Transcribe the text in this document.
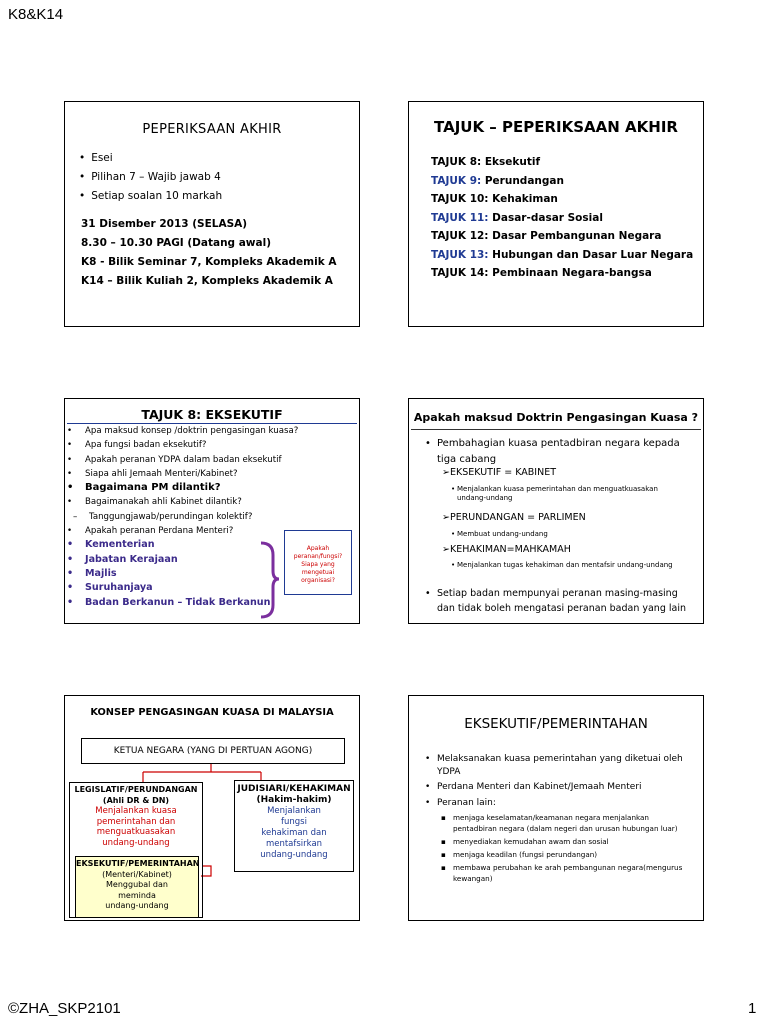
K8&K14
PEPERIKSAAN AKHIR
• Esei
• Pilihan 7 – Wajib jawab 4
• Setiap soalan 10 markah
31 Disember 2013 (SELASA)
8.30 – 10.30 PAGI (Datang awal)
K8 - Bilik Seminar 7, Kompleks Akademik A
K14 – Bilik Kuliah 2, Kompleks Akademik A
TAJUK – PEPERIKSAAN AKHIR
TAJUK 8: Eksekutif
TAJUK 9: Perundangan
TAJUK 10: Kehakiman
TAJUK 11: Dasar-dasar Sosial
TAJUK 12: Dasar Pembangunan Negara
TAJUK 13: Hubungan dan Dasar Luar Negara
TAJUK 14: Pembinaan Negara-bangsa
TAJUK 8: EKSEKUTIF
• Apa maksud konsep /doktrin pengasingan kuasa?
• Apa fungsi badan eksekutif?
• Apakah peranan YDPA dalam badan eksekutif
• Siapa ahli Jemaah Menteri/Kabinet?
• Bagaimana PM dilantik?
• Bagaimanakah ahli Kabinet dilantik?
– Tanggungjawab/perundingan kolektif?
• Apakah peranan Perdana Menteri?
• Kementerian
• Jabatan Kerajaan
• Majlis
• Suruhanjaya
• Badan Berkanun – Tidak Berkanun
Apakah
peranan/fungsi?
Siapa yang
mengetuai
organisasi?
Apakah maksud Doktrin Pengasingan Kuasa ?
• Pembahagian kuasa pentadbiran negara kepada tiga cabang
➢EKSEKUTIF = KABINET
• Menjalankan kuasa pemerintahan dan menguatkuasakan undang-undang
➢PERUNDANGAN = PARLIMEN
• Membuat undang-undang
➢KEHAKIMAN=MAHKAMAH
• Menjalankan tugas kehakiman dan mentafsir undang-undang
• Setiap badan mempunyai peranan masing-masing dan tidak boleh mengatasi peranan badan yang lain
KONSEP PENGASINGAN KUASA DI MALAYSIA
KETUA NEGARA (YANG DI PERTUAN AGONG)
LEGISLATIF/PERUNDANGAN
(Ahli DR & DN)
Menjalankan kuasa
pemerintahan dan
menguatkuasakan
undang-undang
JUDISIARI/KEHAKIMAN
(Hakim-hakim)
Menjalankan
fungsi
kehakiman dan
mentafsirkan
undang-undang
EKSEKUTIF/PEMERINTAHAN
(Menteri/Kabinet)
Menggubal dan
meminda
undang-undang
EKSEKUTIF/PEMERINTAHAN
• Melaksanakan kuasa pemerintahan yang diketuai oleh YDPA
• Perdana Menteri dan Kabinet/Jemaah Menteri
• Peranan lain:
▪ menjaga keselamatan/keamanan negara menjalankan pentadbiran negara (dalam negeri dan urusan hubungan luar)
▪ menyediakan kemudahan awam dan sosial
▪ menjaga keadilan (fungsi perundangan)
▪ membawa perubahan ke arah pembangunan negara(mengurus kewangan)
©ZHA_SKP2101	1
